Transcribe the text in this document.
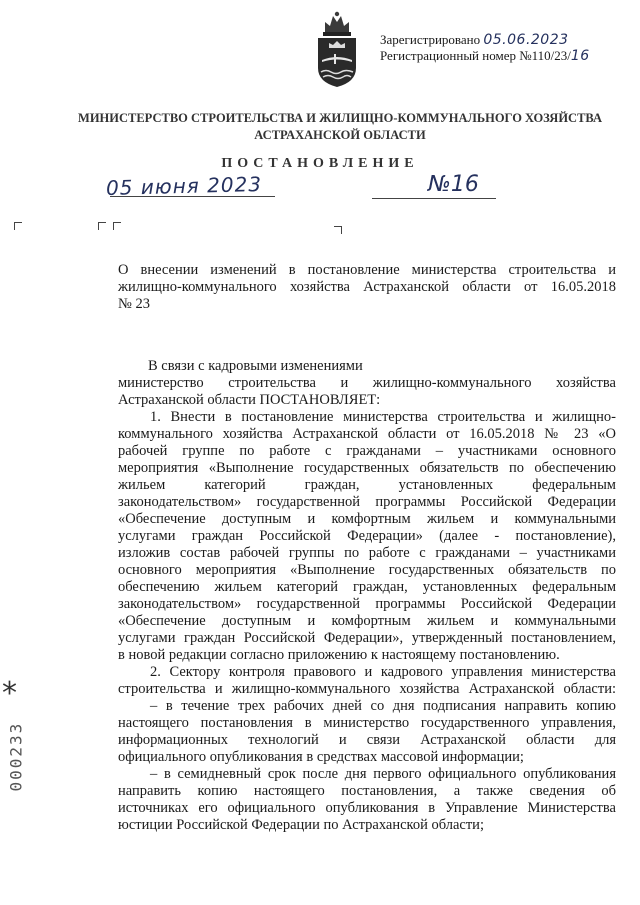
Зарегистрировано 05.06.2023
Регистрационный номер №110/23/16
МИНИСТЕРСТВО СТРОИТЕЛЬСТВА И ЖИЛИЩНО-КОММУНАЛЬНОГО ХОЗЯЙСТВА
АСТРАХАНСКОЙ ОБЛАСТИ
ПОСТАНОВЛЕНИЕ
05 июня 2023	№16
О внесении изменений в постановление министерства строительства и
жилищно-коммунального хозяйства Астраханской области от 16.05.2018
№ 23
В связи с кадровыми изменениями
министерство строительства и жилищно-коммунального хозяйства
Астраханской области ПОСТАНОВЛЯЕТ:
1. Внести в постановление министерства строительства и жилищно-
коммунального хозяйства Астраханской области от 16.05.2018 № 23 «О
рабочей группе по работе с гражданами – участниками основного
мероприятия «Выполнение государственных обязательств по обеспечению
жильем категорий граждан, установленных федеральным
законодательством» государственной программы Российской Федерации
«Обеспечение доступным и комфортным жильем и коммунальными
услугами граждан Российской Федерации» (далее - постановление),
изложив состав рабочей группы по работе с гражданами – участниками
основного мероприятия «Выполнение государственных обязательств по
обеспечению жильем категорий граждан, установленных федеральным
законодательством» государственной программы Российской Федерации
«Обеспечение доступным и комфортным жильем и коммунальными
услугами граждан Российской Федерации», утвержденный постановлением,
в новой редакции согласно приложению к настоящему постановлению.
2. Сектору контроля правового и кадрового управления министерства
строительства и жилищно-коммунального хозяйства Астраханской области:
– в течение трех рабочих дней со дня подписания направить копию
настоящего постановления в министерство государственного управления,
информационных технологий и связи Астраханской области для
официального опубликования в средствах массовой информации;
– в семидневный срок после дня первого официального опубликования
направить копию настоящего постановления, а также сведения об
источниках его официального опубликования в Управление Министерства
юстиции Российской Федерации по Астраханской области;
*
000233
